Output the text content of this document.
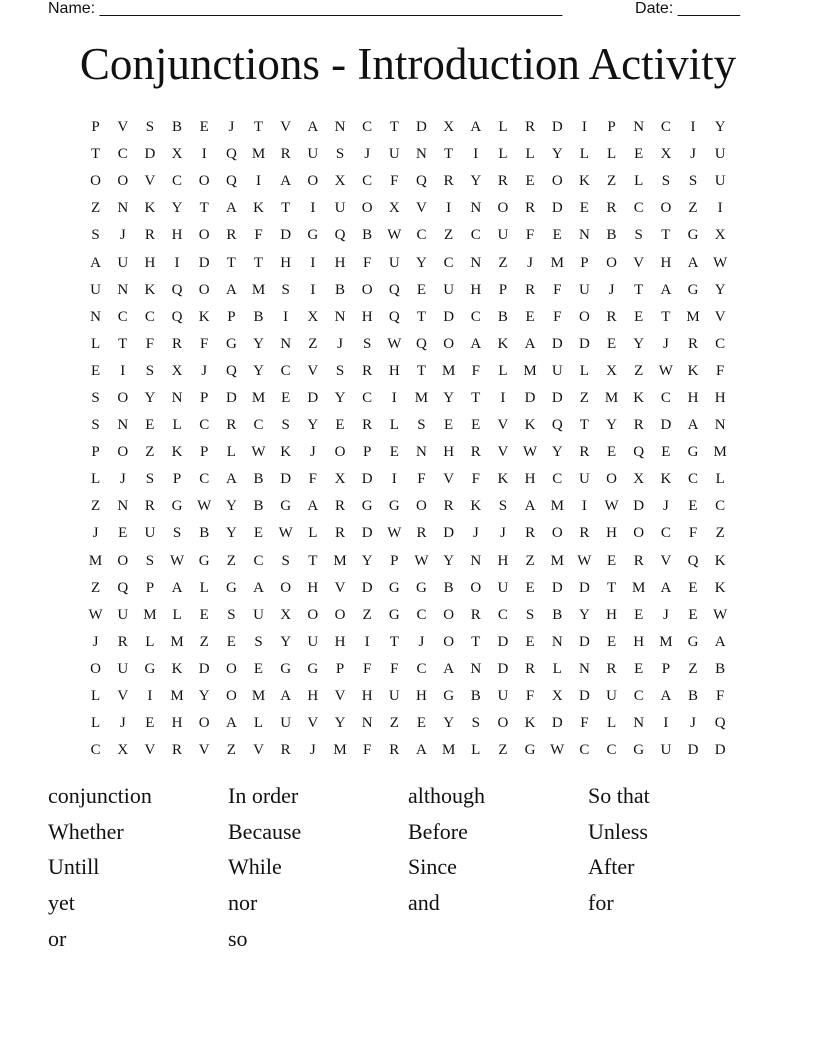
Name: ____________________________________________________	Date: _______
Conjunctions - Introduction Activity
P	V	S	B	E	J	T	V	A	N	C	T	D	X	A	L	R	D	I	P	N	C	I	Y
T	C	D	X	I	Q	M	R	U	S	J	U	N	T	I	L	L	Y	L	L	E	X	J	U
O	O	V	C	O	Q	I	A	O	X	C	F	Q	R	Y	R	E	O	K	Z	L	S	S	U
Z	N	K	Y	T	A	K	T	I	U	O	X	V	I	N	O	R	D	E	R	C	O	Z	I
S	J	R	H	O	R	F	D	G	Q	B	W	C	Z	C	U	F	E	N	B	S	T	G	X
A	U	H	I	D	T	T	H	I	H	F	U	Y	C	N	Z	J	M	P	O	V	H	A W
U	N	K	Q	O	A	M	S	I	B	O	Q	E	U	H	P	R	F	U	J	T	A	G	Y
N	C	C	Q	K	P	B	I	X	N	H	Q	T	D	C	B	E	F	O	R	E	T	M	V
L	T	F	R	F	G	Y	N	Z	J	S	W Q	O	A	K	A	D	D	E	Y	J	R	C
E	I	S	X	J	Q	Y	C	V	S	R	H	T	M	F	L	M	U	L	X	Z	W K	F
S	O	Y	N	P	D	M	E	D	Y	C	I	M	Y	T	I	D	D	Z	M	K	C	H	H
S	N	E	L	C	R	C	S	Y	E	R	L	S	E	E	V	K	Q	T	Y	R	D	A	N
P	O	Z	K	P	L	W K	J	O	P	E	N	H	R	V W Y	R	E	Q	E	G	M
L	J	S	P	C	A	B	D	F	X	D	I	F	V	F	K	H	C	U	O	X	K	C	L
Z	N	R	G W Y	B	G	A	R	G	G	O	R	K	S	A	M	I	W D	J	E	C
J	E	U	S	B	Y	E	W	L	R	D W	R	D	J	J	R	O	R	H	O	C	F	Z
M	O	S	W G	Z	C	S	T	M	Y	P	W Y	N	H	Z	M W	E	R	V	Q	K
Z	Q	P	A	L	G	A	O	H	V	D	G	G	B	O	U	E	D	D	T	M	A	E	K
W U	M	L	E	S	U	X	O	O	Z	G	C	O	R	C	S	B	Y	H	E	J	E	W
J	R	L	M	Z	E	S	Y	U	H	I	T	J	O	T	D	E	N	D	E	H	M	G	A
O	U	G	K	D	O	E	G	G	P	F	F	C	A	N	D	R	L	N	R	E	P	Z	B
L	V	I	M	Y	O	M	A	H	V	H	U	H	G	B	U	F	X	D	U	C	A	B	F
L	J	E	H	O	A	L	U	V	Y	N	Z	E	Y	S	O	K	D	F	L	N	I	J	Q
C	X	V	R	V	Z	V	R	J	M	F	R	A	M	L	Z	G W	C	C	G	U	D	D
conjunction	In order	although	So that
Whether	Because	Before	Unless
Untill	While	Since	After
yet	nor	and	for
or	so
